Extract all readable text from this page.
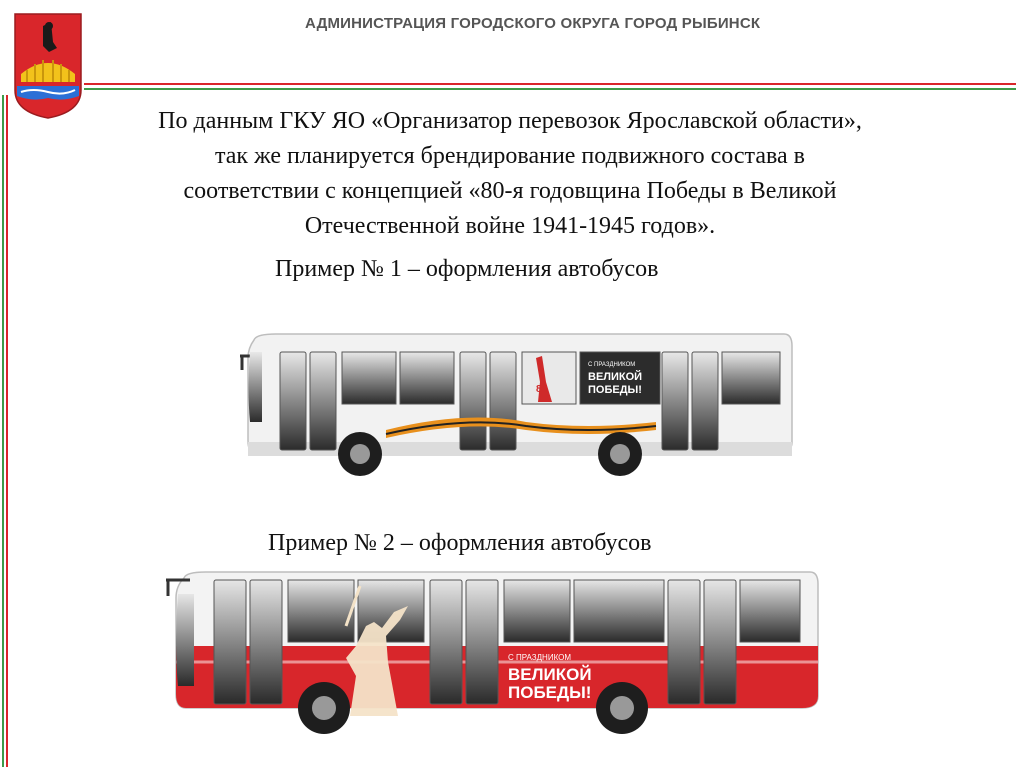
АДМИНИСТРАЦИЯ ГОРОДСКОГО ОКРУГА ГОРОД РЫБИНСК
По данным ГКУ ЯО «Организатор перевозок Ярославской области»,
так же планируется брендирование подвижного состава в
соответствии с концепцией «80-я годовщина Победы в Великой
Отечественной войне 1941-1945 годов».
Пример № 1 – оформления автобусов
80
С ПРАЗДНИКОМ
ВЕЛИКОЙ
ПОБЕДЫ!
Пример № 2 – оформления автобусов
С ПРАЗДНИКОМ
ВЕЛИКОЙ
ПОБЕДЫ!
